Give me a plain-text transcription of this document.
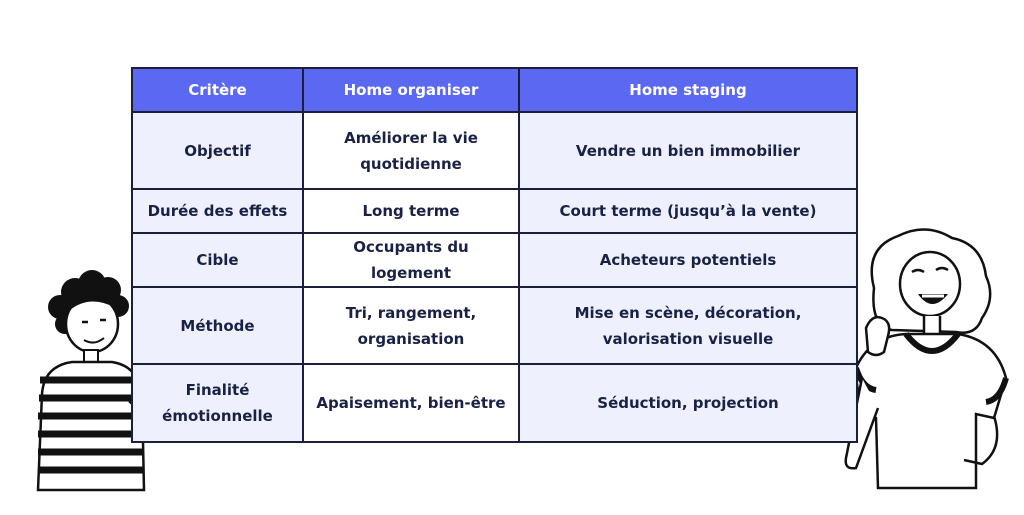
Critère	Home organiser	Home staging
Objectif	Améliorer la vie quotidienne	Vendre un bien immobilier
Durée des effets	Long terme	Court terme (jusqu’à la vente)
Cible	Occupants du logement	Acheteurs potentiels
Méthode	Tri, rangement, organisation	Mise en scène, décoration, valorisation visuelle
Finalité émotionnelle	Apaisement, bien-être	Séduction, projection
